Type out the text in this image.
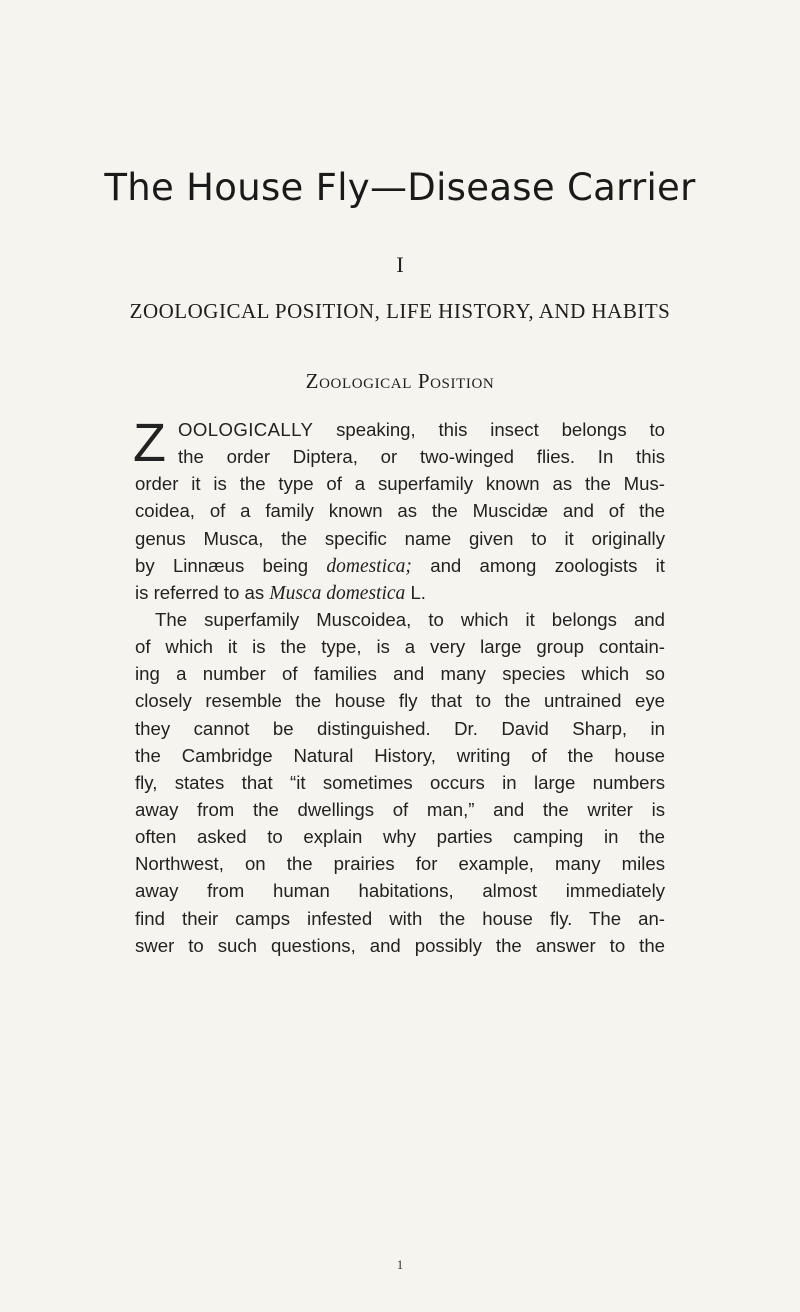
The House Fly—Disease Carrier
I
ZOOLOGICAL POSITION, LIFE HISTORY, AND HABITS
Zoological Position
Z OOLOGICALLY speaking, this insect belongs to
the order Diptera, or two-winged flies. In this
order it is the type of a superfamily known as the Mus-
coidea, of a family known as the Muscidæ and of the
genus Musca, the specific name given to it originally
by Linnæus being domestica; and among zoologists it
is referred to as Musca domestica L.
The superfamily Muscoidea, to which it belongs and
of which it is the type, is a very large group contain-
ing a number of families and many species which so
closely resemble the house fly that to the untrained eye
they cannot be distinguished. Dr. David Sharp, in
the Cambridge Natural History, writing of the house
fly, states that “it sometimes occurs in large numbers
away from the dwellings of man,” and the writer is
often asked to explain why parties camping in the
Northwest, on the prairies for example, many miles
away from human habitations, almost immediately
find their camps infested with the house fly. The an-
swer to such questions, and possibly the answer to the
1
